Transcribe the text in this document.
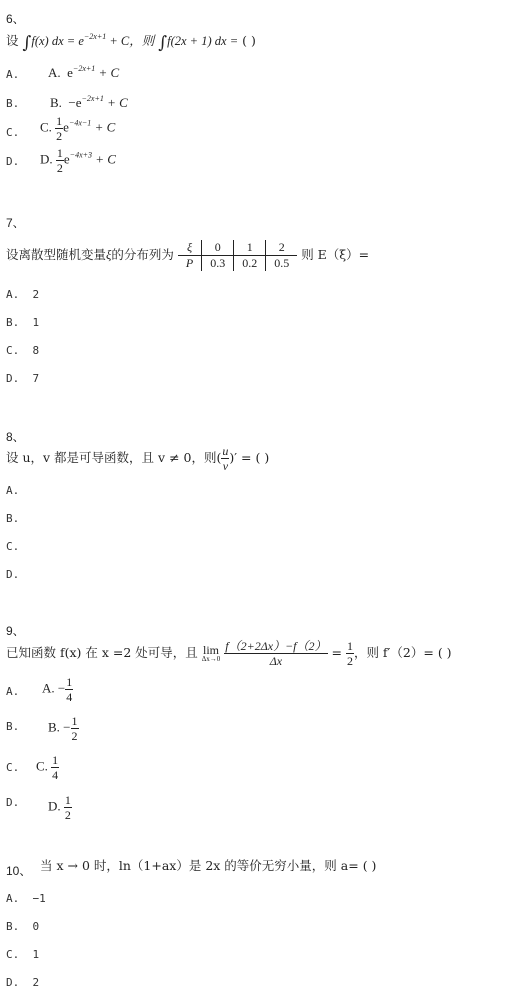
6、
设 ∫f(x) dx = $e^{-2x+1} + C$，则 ∫f(2x + 1) dx = ( )
A. A. $e^{-2x+1} + C$
B. B. $-e^{-2x+1} + C$
C. C. $\frac{1}{2} e^{-4x-1} + C$
D. D. $\frac{1}{2} e^{-4x+3} + C$
7、
设离散型随机变量ξ的分布列为 ξ	0	1	2
P	0.3	0.2	0.5 则 E（ξ）=
A. 2
B. 1
C. 8
D. 7
8、
设 u，v 都是可导函数，且 v ≠ 0，则( $\frac{u}{v}$ )′ = ( )
A.
B.
C.
D.
9、
已知函数 f(x) 在 x =2 处可导，且 lim
Δx→0
$\frac{f(2+2\Delta x)-f(2)}{\Delta x} = \frac{1}{2}$ ，则 f′（2）= ( )
A. A. − $\frac{1}{4}$
B. B. − $\frac{1}{2}$
C. C. $\frac{1}{4}$
D. D. $\frac{1}{2}$
10、 当 x → 0 时，ln（1+ax）是 2x 的等价无穷小量，则 a= ( )
A. −1
B. 0
C. 1
D. 2
